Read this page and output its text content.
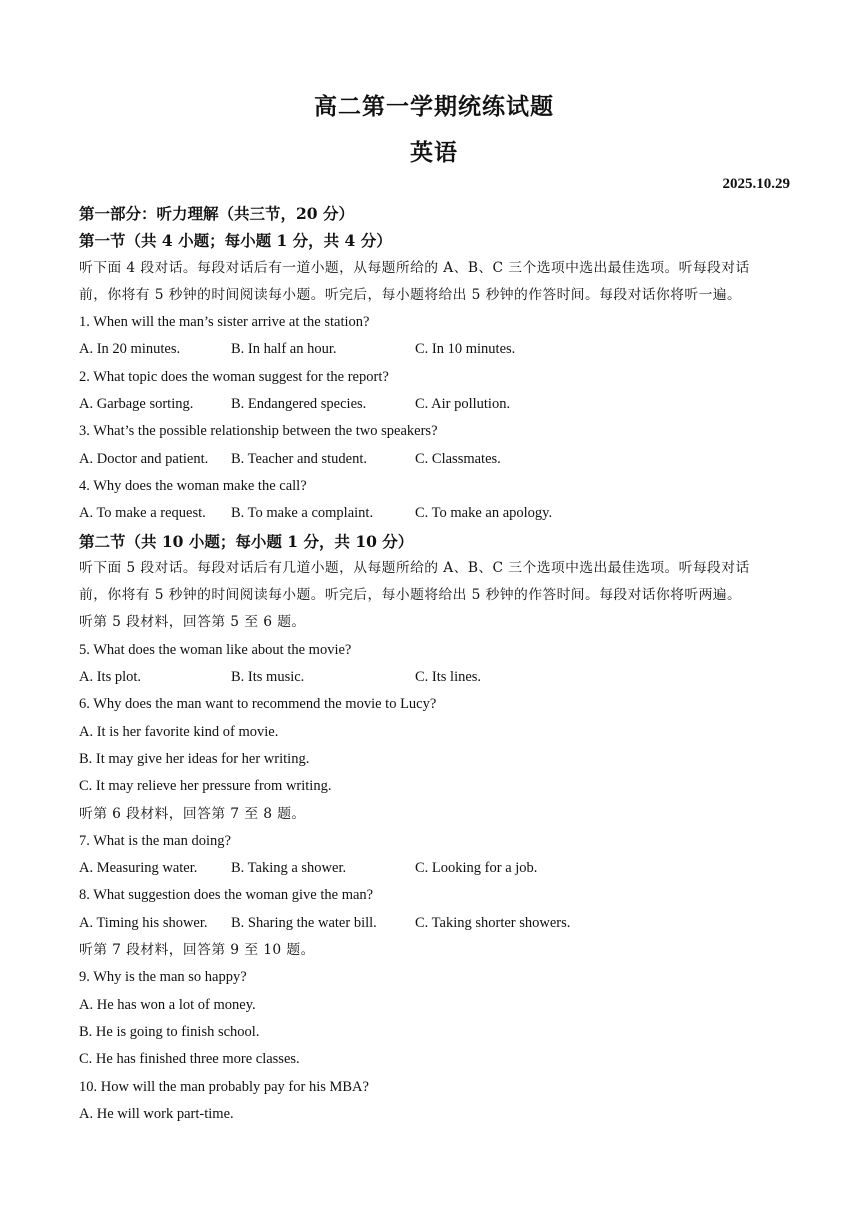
高二第一学期统练试题
英语
2025.10.29
第一部分：听力理解（共三节，20 分）
第一节（共 4 小题；每小题 1 分，共 4 分）
听下面 4 段对话。每段对话后有一道小题，从每题所给的 A、B、C 三个选项中选出最佳选项。听每段对话
前，你将有 5 秒钟的时间阅读每小题。听完后，每小题将给出 5 秒钟的作答时间。每段对话你将听一遍。
1. When will the man’s sister arrive at the station?
A. In 20 minutes.	B. In half an hour.	C. In 10 minutes.
2. What topic does the woman suggest for the report?
A. Garbage sorting.	B. Endangered species.	C. Air pollution.
3. What’s the possible relationship between the two speakers?
A. Doctor and patient. B. Teacher and student.	C. Classmates.
4. Why does the woman make the call?
A. To make a request. B. To make a complaint.	C. To make an apology.
第二节（共 10 小题；每小题 1 分，共 10 分）
听下面 5 段对话。每段对话后有几道小题，从每题所给的 A、B、C 三个选项中选出最佳选项。听每段对话
前，你将有 5 秒钟的时间阅读每小题。听完后，每小题将给出 5 秒钟的作答时间。每段对话你将听两遍。
听第 5 段材料，回答第 5 至 6 题。
5. What does the woman like about the movie?
A. Its plot.	B. Its music.	C. Its lines.
6. Why does the man want to recommend the movie to Lucy?
A. It is her favorite kind of movie.
B. It may give her ideas for her writing.
C. It may relieve her pressure from writing.
听第 6 段材料，回答第 7 至 8 题。
7. What is the man doing?
A. Measuring water. B. Taking a shower.	C. Looking for a job.
8. What suggestion does the woman give the man?
A. Timing his shower. B. Sharing the water bill.	C. Taking shorter showers.
听第 7 段材料，回答第 9 至 10 题。
9. Why is the man so happy?
A. He has won a lot of money.
B. He is going to finish school.
C. He has finished three more classes.
10. How will the man probably pay for his MBA?
A. He will work part-time.
